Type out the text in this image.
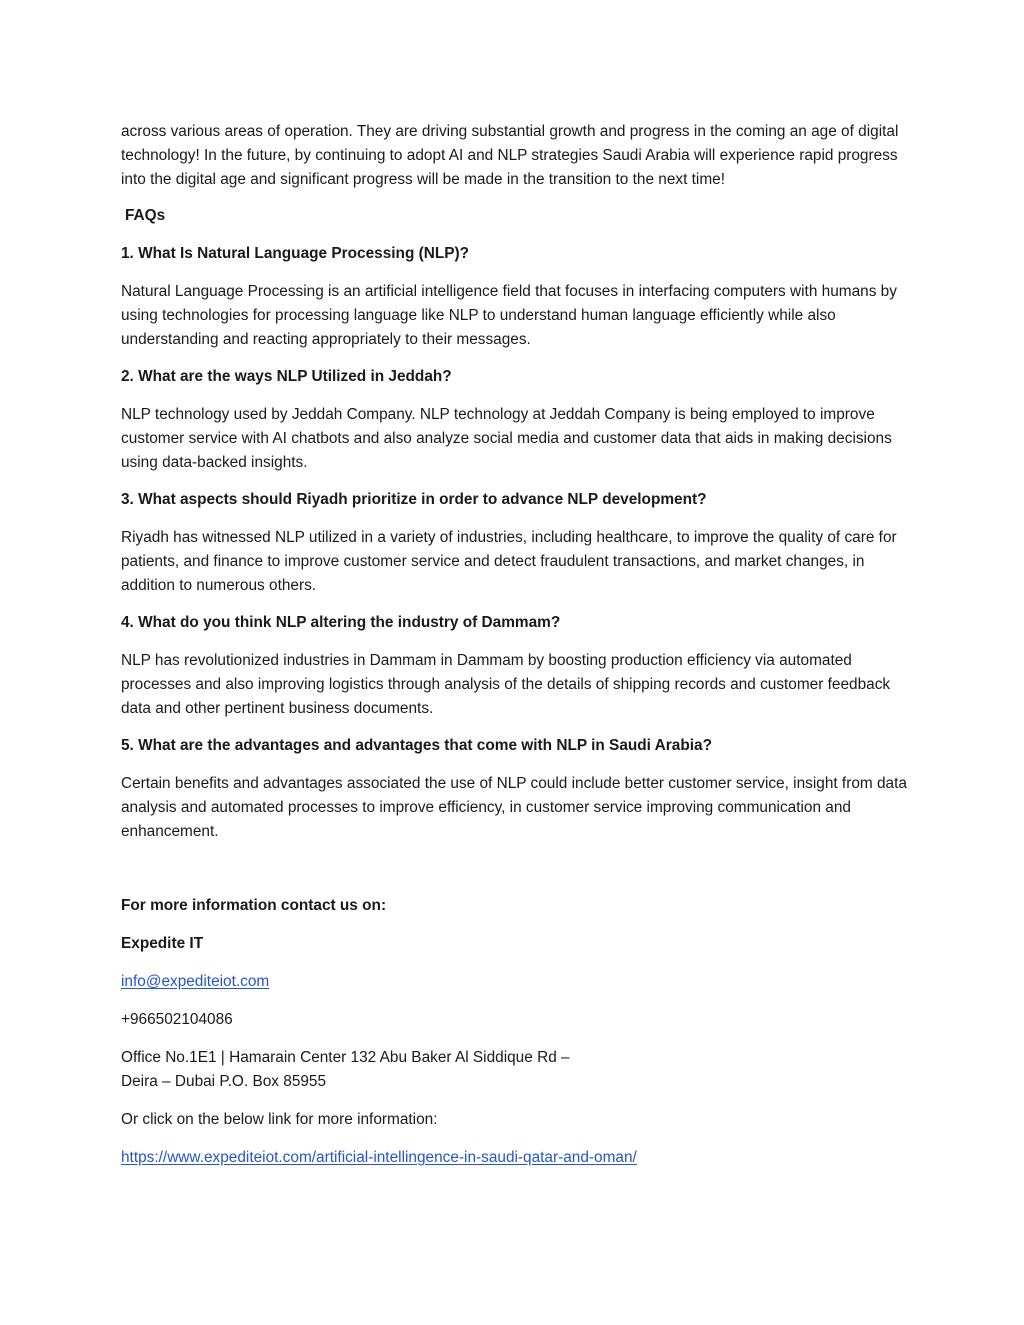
across various areas of operation. They are driving substantial growth and progress in the coming an age of digital technology! In the future, by continuing to adopt AI and NLP strategies Saudi Arabia will experience rapid progress into the digital age and significant progress will be made in the transition to the next time!

FAQs

1. What Is Natural Language Processing (NLP)?

Natural Language Processing is an artificial intelligence field that focuses in interfacing computers with humans by using technologies for processing language like NLP to understand human language efficiently while also understanding and reacting appropriately to their messages.

2. What are the ways NLP Utilized in Jeddah?

NLP technology used by Jeddah Company. NLP technology at Jeddah Company is being employed to improve customer service with AI chatbots and also analyze social media and customer data that aids in making decisions using data-backed insights.

3. What aspects should Riyadh prioritize in order to advance NLP development?

Riyadh has witnessed NLP utilized in a variety of industries, including healthcare, to improve the quality of care for patients, and finance to improve customer service and detect fraudulent transactions, and market changes, in addition to numerous others.

4. What do you think NLP altering the industry of Dammam?

NLP has revolutionized industries in Dammam in Dammam by boosting production efficiency via automated processes and also improving logistics through analysis of the details of shipping records and customer feedback data and other pertinent business documents.

5. What are the advantages and advantages that come with NLP in Saudi Arabia?

Certain benefits and advantages associated the use of NLP could include better customer service, insight from data analysis and automated processes to improve efficiency, in customer service improving communication and enhancement.

For more information contact us on:

Expedite IT

info@expediteiot.com

+966502104086

Office No.1E1 | Hamarain Center 132 Abu Baker Al Siddique Rd –
Deira – Dubai P.O. Box 85955

Or click on the below link for more information:

https://www.expediteiot.com/artificial-intellingence-in-saudi-qatar-and-oman/
